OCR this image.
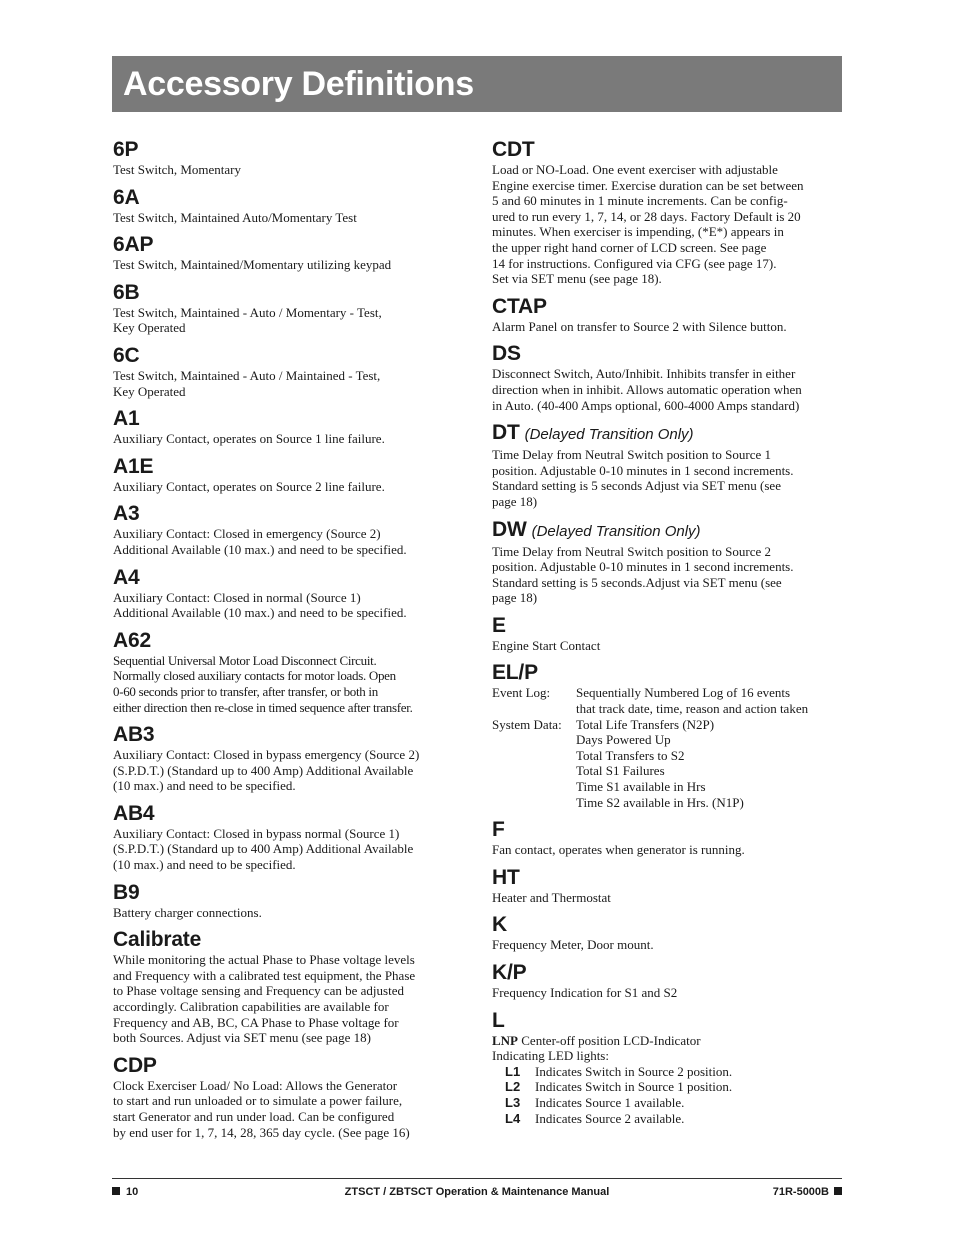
Accessory Definitions

6P

Test Switch, Momentary

6A

Test Switch, Maintained Auto/Momentary Test

6AP

Test Switch, Maintained/Momentary utilizing keypad

6B

Test Switch, Maintained - Auto / Momentary - Test,
Key Operated

6C

Test Switch, Maintained - Auto / Maintained - Test,
Key Operated

A1

Auxiliary Contact, operates on Source 1 line failure.

A1E

Auxiliary Contact, operates on Source 2 line failure.

A3

Auxiliary Contact: Closed in emergency (Source 2)
Additional Available (10 max.) and need to be specified.

A4

Auxiliary Contact: Closed in normal (Source 1)
Additional Available (10 max.) and need to be specified.

A62

Sequential Universal Motor Load Disconnect Circuit.
Normally closed auxiliary contacts for motor loads. Open
0-60 seconds prior to transfer, after transfer, or both in
either direction then re-close in timed sequence after transfer.

AB3

Auxiliary Contact: Closed in bypass emergency (Source 2)
(S.P.D.T.) (Standard up to 400 Amp) Additional Available
(10 max.) and need to be specified.

AB4

Auxiliary Contact: Closed in bypass normal (Source 1)
(S.P.D.T.) (Standard up to 400 Amp) Additional Available
(10 max.) and need to be specified.

B9

Battery charger connections.

Calibrate

While monitoring the actual Phase to Phase voltage levels
and Frequency with a calibrated test equipment, the Phase
to Phase voltage sensing and Frequency can be adjusted
accordingly. Calibration capabilities are available for
Frequency and AB, BC, CA Phase to Phase voltage for
both Sources. Adjust via SET menu (see page 18)

CDP

Clock Exerciser Load/ No Load: Allows the Generator
to start and run unloaded or to simulate a power failure,
start Generator and run under load. Can be configured
by end user for 1, 7, 14, 28, 365 day cycle. (See page 16)

CDT

Load or NO-Load. One event exerciser with adjustable
Engine exercise timer. Exercise duration can be set between
5 and 60 minutes in 1 minute increments. Can be config-
ured to run every 1, 7, 14, or 28 days. Factory Default is 20
minutes. When exerciser is impending, (*E*) appears in
the upper right hand corner of LCD screen. See page
14 for instructions. Configured via CFG (see page 17).
Set via SET menu (see page 18).

CTAP

Alarm Panel on transfer to Source 2 with Silence button.

DS

Disconnect Switch, Auto/Inhibit. Inhibits transfer in either
direction when in inhibit. Allows automatic operation when
in Auto. (40-400 Amps optional, 600-4000 Amps standard)

DT (Delayed Transition Only)

Time Delay from Neutral Switch position to Source 1
position. Adjustable 0-10 minutes in 1 second increments.
Standard setting is 5 seconds Adjust via SET menu (see
page 18)

DW (Delayed Transition Only)

Time Delay from Neutral Switch position to Source 2
position. Adjustable 0-10 minutes in 1 second increments.
Standard setting is 5 seconds.Adjust via SET menu (see
page 18)

E

Engine Start Contact

EL/P

Event Log:	Sequentially Numbered Log of 16 events
that track date, time, reason and action taken
System Data:	Total Life Transfers (N2P)
Days Powered Up
Total Transfers to S2
Total S1 Failures
Time S1 available in Hrs
Time S2 available in Hrs. (N1P)

F

Fan contact, operates when generator is running.

HT

Heater and Thermostat

K

Frequency Meter, Door mount.

K/P

Frequency Indication for S1 and S2

L

LNP Center-off position LCD-Indicator

Indicating LED lights:

L1	Indicates Switch in Source 2 position.
L2	Indicates Switch in Source 1 position.
L3	Indicates Source 1 available.
L4	Indicates Source 2 available.
10	ZTSCT / ZBTSCT Operation & Maintenance Manual	71R-5000B
